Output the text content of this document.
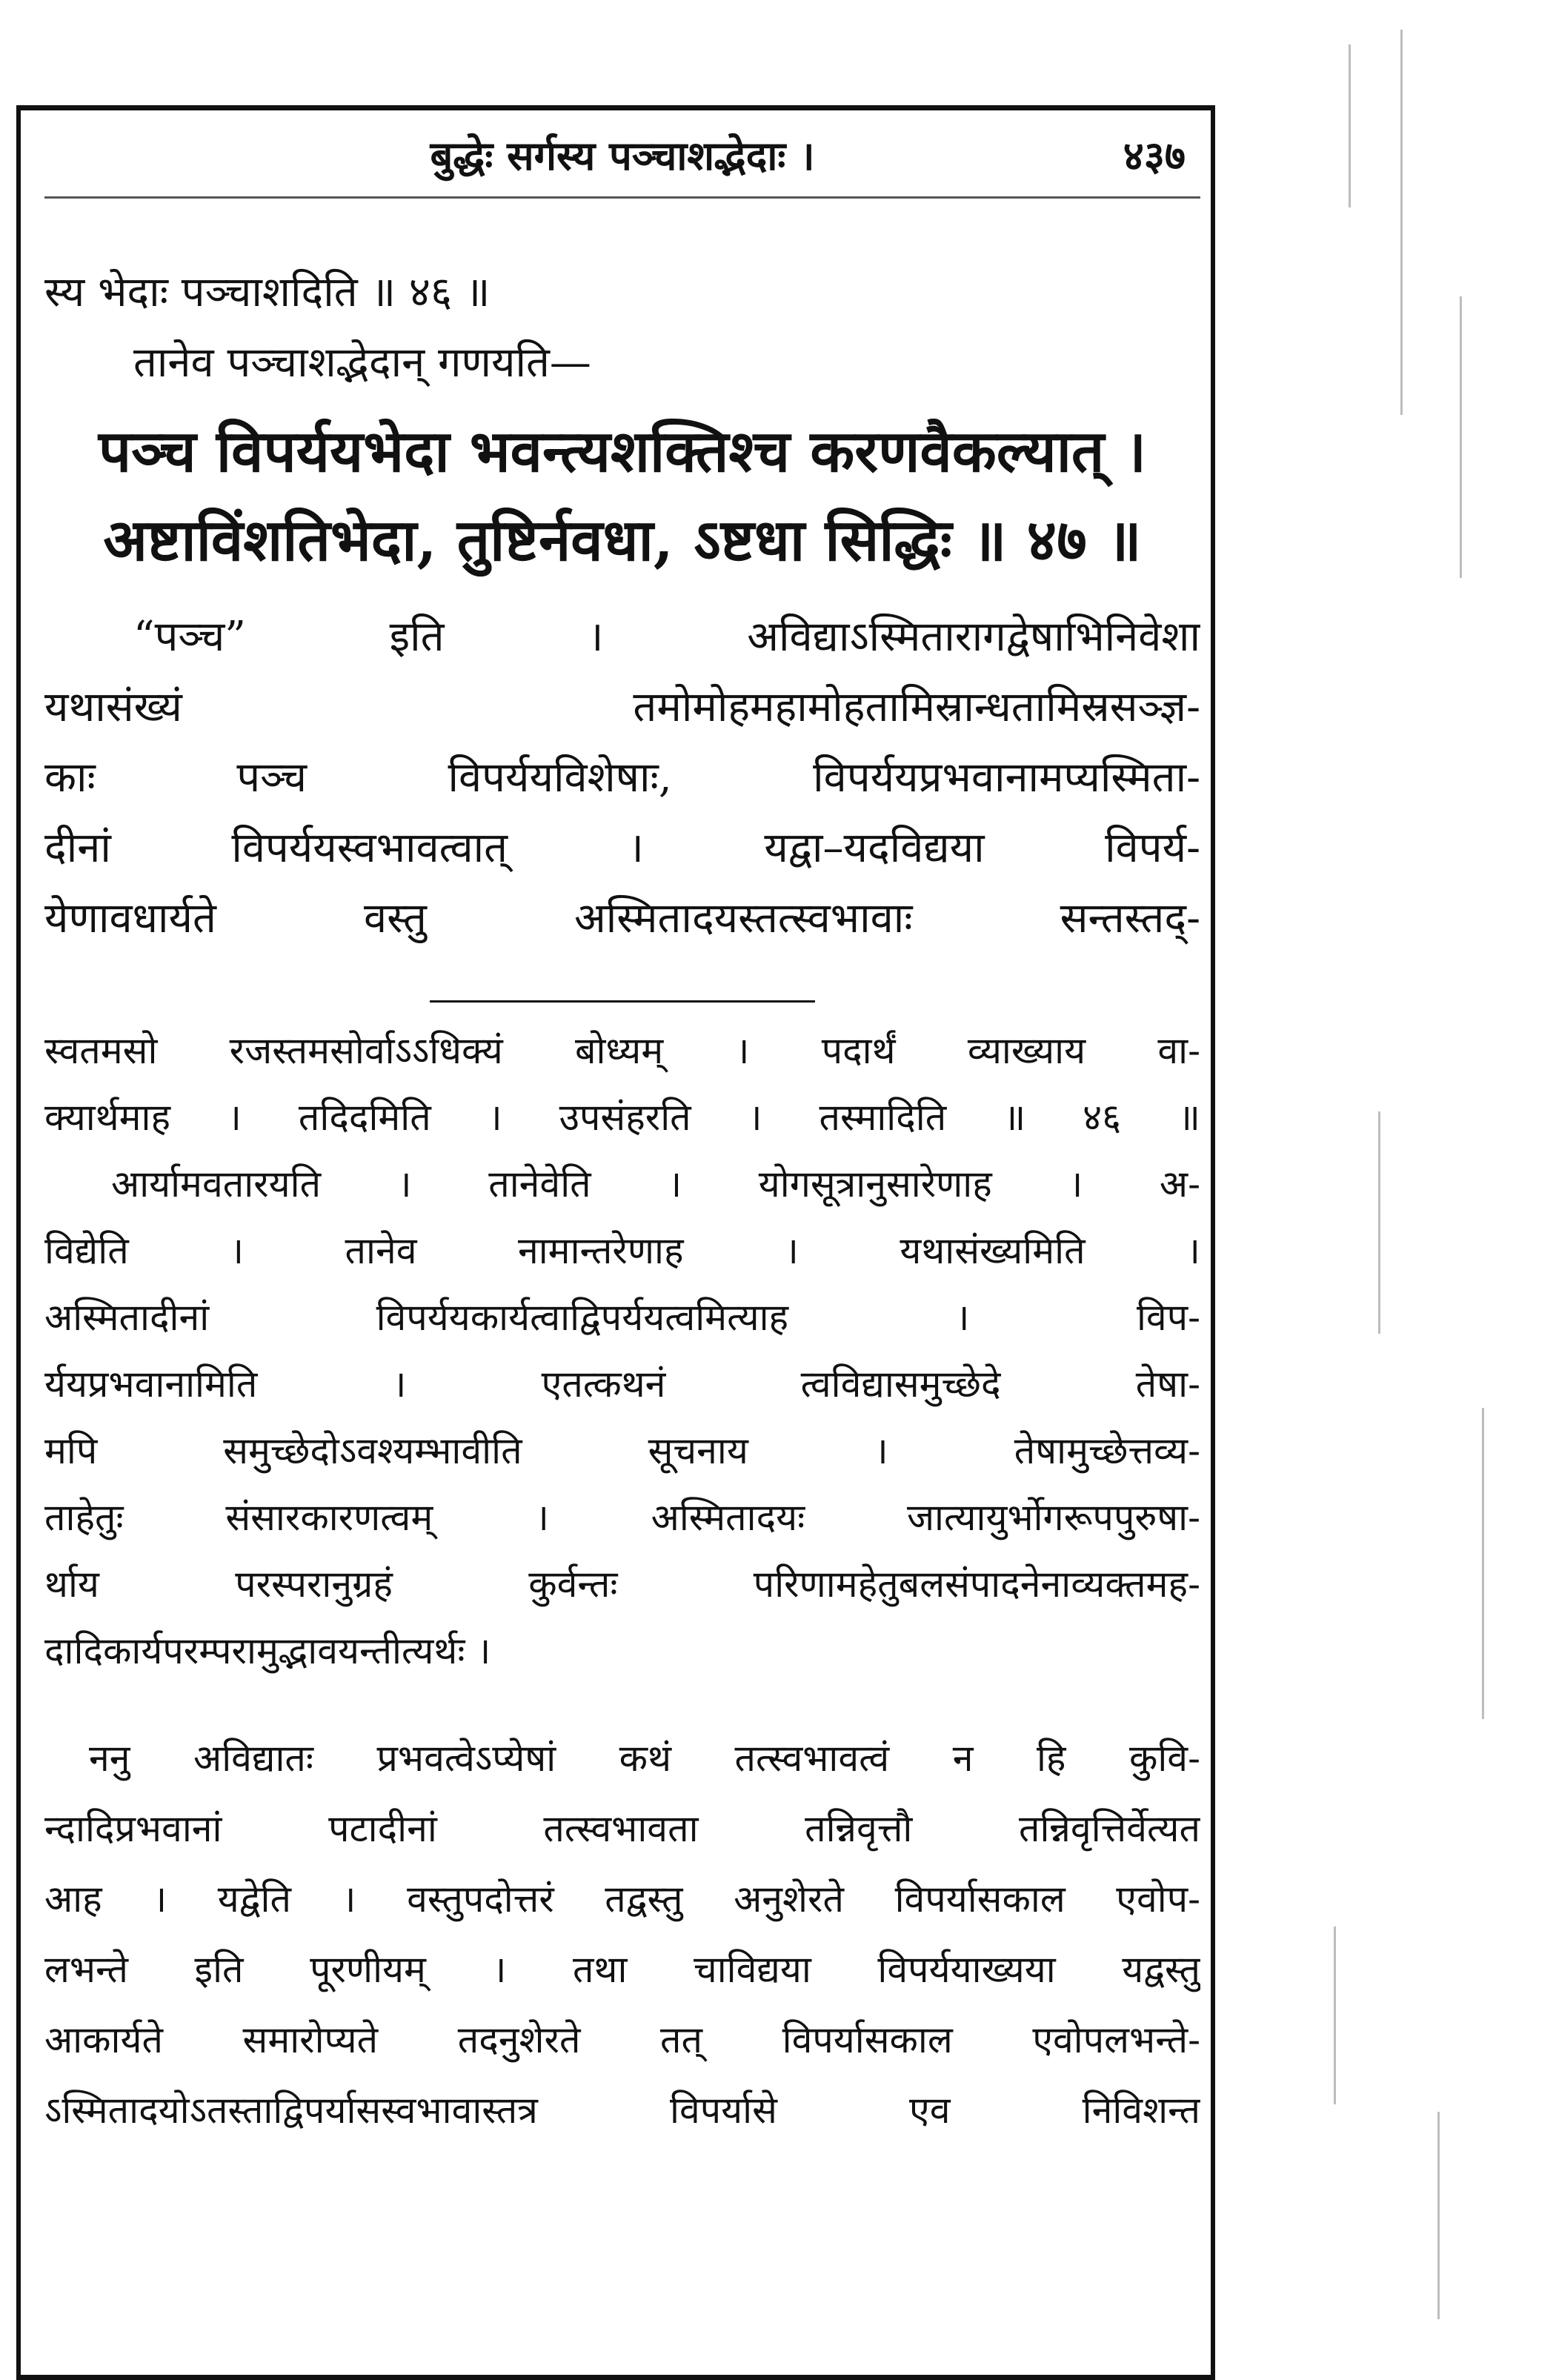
बुद्धेः सर्गस्य पञ्चाशद्भेदाः ।	४३७
स्य भेदाः पञ्चाशदिति ॥ ४६ ॥
तानेव पञ्चाशद्भेदान् गणयति—
पञ्च विपर्ययभेदा भवन्त्यशक्तिश्च करणवैकल्यात् ।
अष्टाविंशतिभेदा, तुष्टिर्नवधा, ऽष्टधा सिद्धिः ॥ ४७ ॥
“पञ्च” इति । अविद्याऽस्मितारागद्वेषाभिनिवेशा
यथासंख्यं तमोमोहमहामोहतामिस्रान्धतामिस्रसञ्ज्ञ-
काः पञ्च विपर्ययविशेषाः, विपर्ययप्रभवानामप्यस्मिता-
दीनां विपर्ययस्वभावत्वात् । यद्वा–यदविद्यया विपर्य-
येणावधार्यते वस्तु अस्मितादयस्तत्स्वभावाः सन्तस्तद्-
स्वतमसो रजस्तमसोर्वाऽऽधिक्यं बोध्यम् । पदार्थं व्याख्याय वा-
क्यार्थमाह । तदिदमिति । उपसंहरति । तस्मादिति ॥ ४६ ॥
आर्यामवतारयति । तानेवेति । योगसूत्रानुसारेणाह । अ-
विद्येति । तानेव नामान्तरेणाह । यथासंख्यमिति ।
अस्मितादीनां विपर्ययकार्यत्वाद्विपर्ययत्वमित्याह । विप-
र्ययप्रभवानामिति । एतत्कथनं त्वविद्यासमुच्छेदे तेषा-
मपि समुच्छेदोऽवश्यम्भावीति सूचनाय । तेषामुच्छेत्तव्य-
ताहेतुः संसारकारणत्वम् । अस्मितादयः जात्यायुर्भोगरूपपुरुषा-
र्थाय परस्परानुग्रहं कुर्वन्तः परिणामहेतुबलसंपादनेनाव्यक्तमह-
दादिकार्यपरम्परामुद्भावयन्तीत्यर्थः ।
ननु अविद्यातः प्रभवत्वेऽप्येषां कथं तत्स्वभावत्वं न हि कुवि-
न्दादिप्रभवानां पटादीनां तत्स्वभावता तन्निवृत्तौ तन्निवृत्तिर्वेत्यत
आह । यद्वेति । वस्तुपदोत्तरं तद्वस्तु अनुशेरते विपर्यासकाल एवोप-
लभन्ते इति पूरणीयम् । तथा चाविद्यया विपर्ययाख्यया यद्वस्तु
आकार्यते समारोप्यते तदनुशेरते तत् विपर्यासकाल एवोपलभन्ते-
ऽस्मितादयोऽतस्ताद्विपर्यासस्वभावास्तत्र विपर्यासे एव निविशन्त
